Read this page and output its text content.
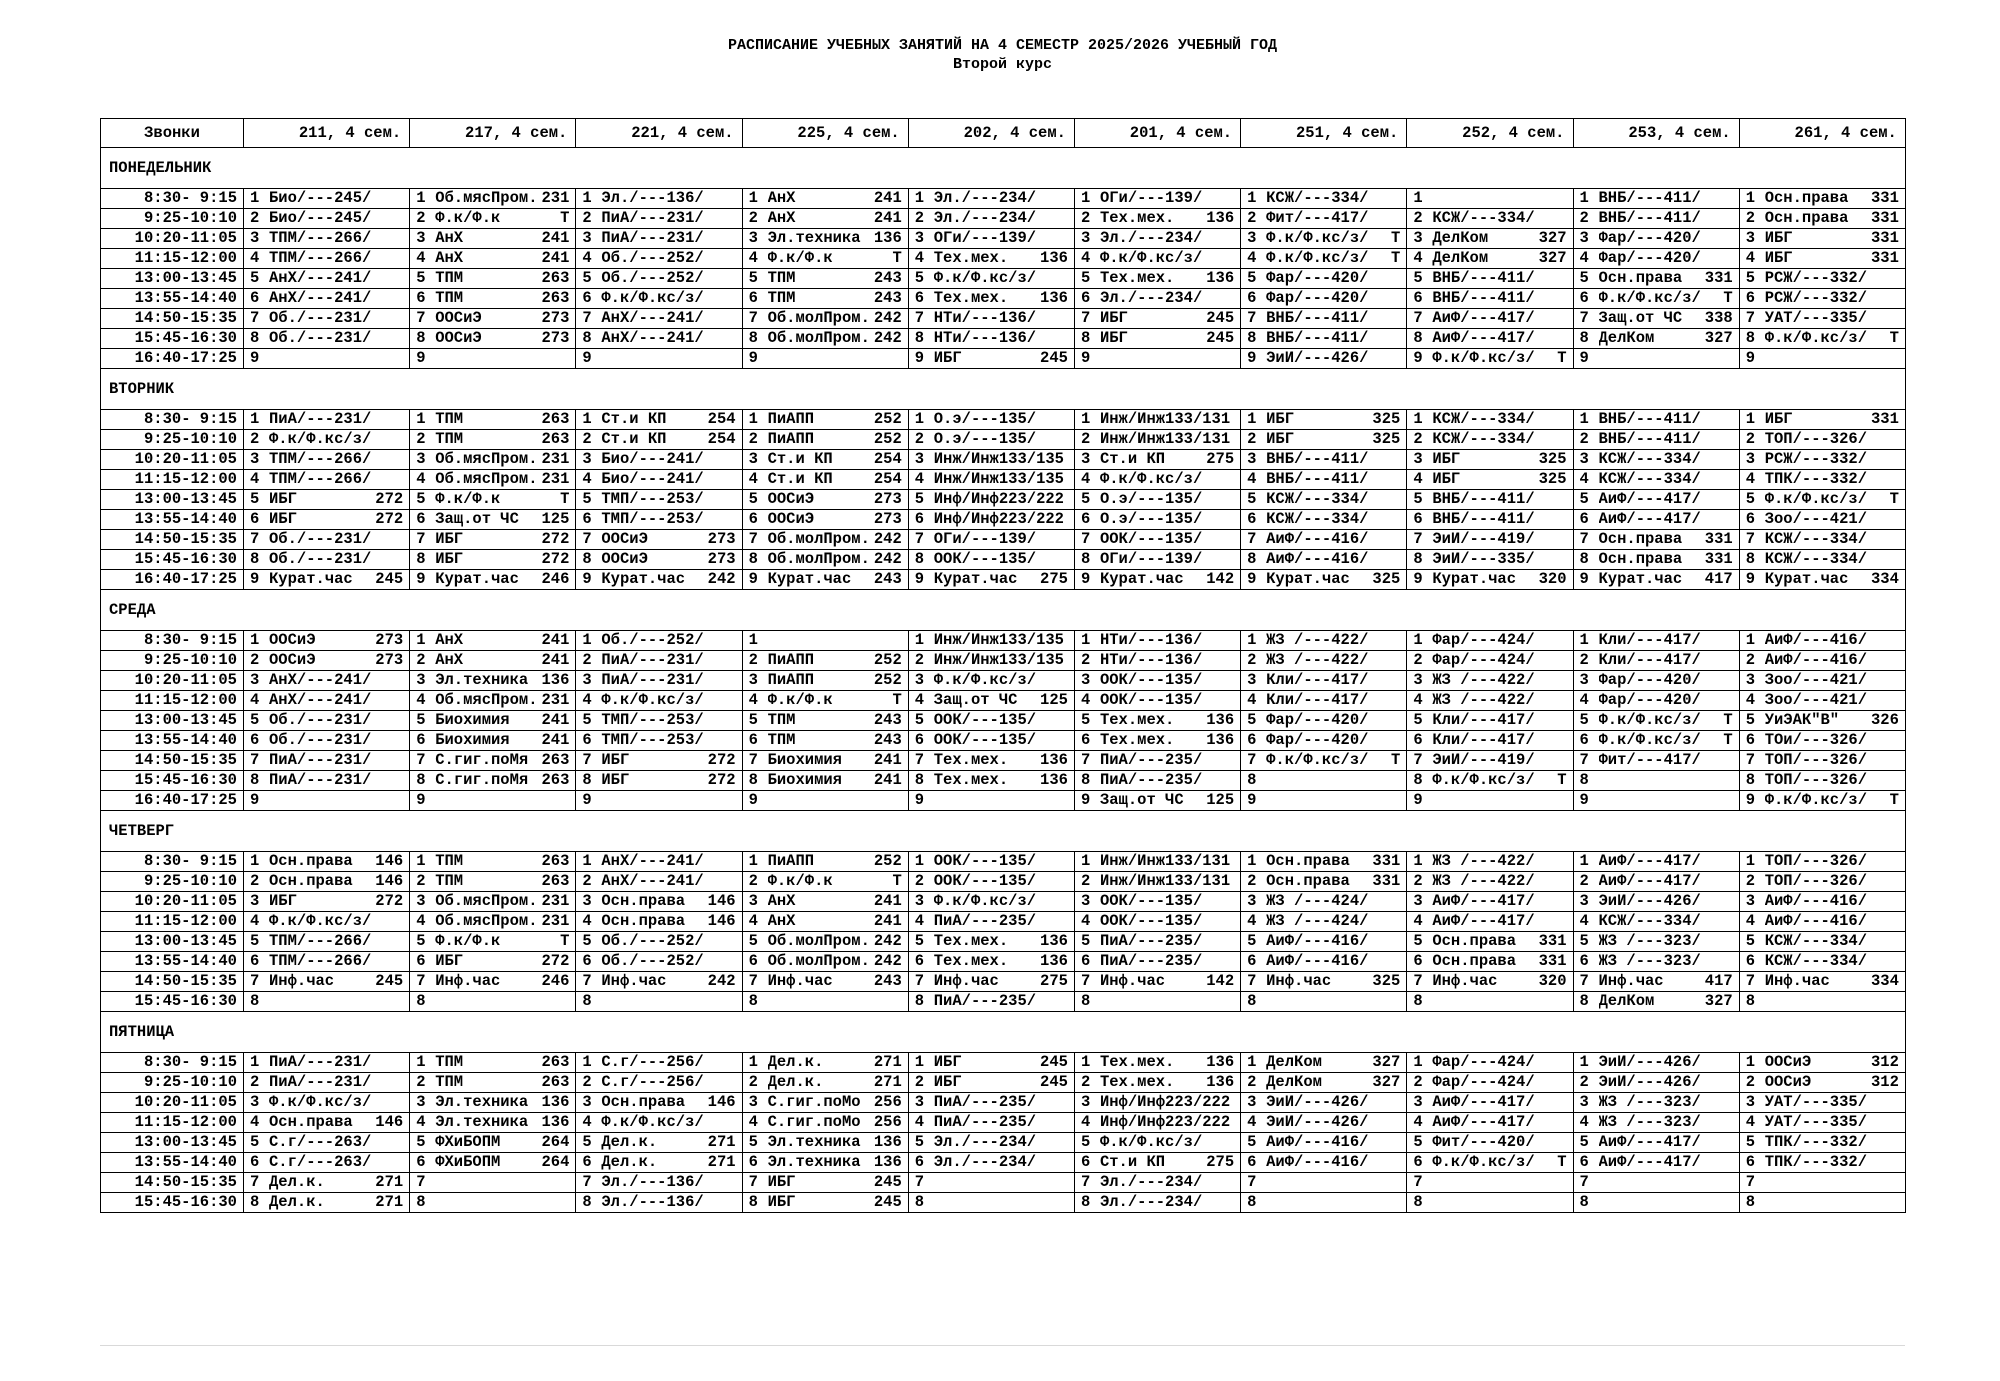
РАСПИСАНИЕ УЧЕБНЫХ ЗАНЯТИЙ НА 4 СЕМЕСТР 2025/2026 УЧЕБНЫЙ ГОД
Второй курс
Звонки	211, 4 сем.	217, 4 сем.	221, 4 сем.	225, 4 сем.	202, 4 сем.	201, 4 сем.	251, 4 сем.	252, 4 сем.	253, 4 сем.	261, 4 сем.
ПОНЕДЕЛЬНИК										
8:30- 9:15	1 Био/---245/	1 Об.мясПром. 231	1 Эл./---136/	1 АнХ 241	1 Эл./---234/	1 ОГи/---139/	1 КСЖ/---334/	1	1 ВНБ/---411/	1 Осн.права 331

9:25-10:10	2 Био/---245/	2 Ф.к/Ф.к Т	2 ПиА/---231/	2 АнХ 241	2 Эл./---234/	2 Тех.мех. 136	2 Фит/---417/	2 КСЖ/---334/	2 ВНБ/---411/	2 Осн.права 331

10:20-11:05	3 ТПМ/---266/	3 АнХ 241	3 ПиА/---231/	3 Эл.техника 136	3 ОГи/---139/	3 Эл./---234/	3 Ф.к/Ф.кс/з/ Т	3 ДелКом 327	3 Фар/---420/	3 ИБГ 331

11:15-12:00	4 ТПМ/---266/	4 АнХ 241	4 Об./---252/	4 Ф.к/Ф.к Т	4 Тех.мех. 136	4 Ф.к/Ф.кс/з/	4 Ф.к/Ф.кс/з/ Т	4 ДелКом 327	4 Фар/---420/	4 ИБГ 331

13:00-13:45	5 АнХ/---241/	5 ТПМ 263	5 Об./---252/	5 ТПМ 243	5 Ф.к/Ф.кс/з/	5 Тех.мех. 136	5 Фар/---420/	5 ВНБ/---411/	5 Осн.права 331	5 РСЖ/---332/

13:55-14:40	6 АнХ/---241/	6 ТПМ 263	6 Ф.к/Ф.кс/з/	6 ТПМ 243	6 Тех.мех. 136	6 Эл./---234/	6 Фар/---420/	6 ВНБ/---411/	6 Ф.к/Ф.кс/з/ Т	6 РСЖ/---332/

14:50-15:35	7 Об./---231/	7 ООСиЭ 273	7 АнХ/---241/	7 Об.молПром. 242	7 НТи/---136/	7 ИБГ 245	7 ВНБ/---411/	7 АиФ/---417/	7 Защ.от ЧС 338	7 УАТ/---335/

15:45-16:30	8 Об./---231/	8 ООСиЭ 273	8 АнХ/---241/	8 Об.молПром. 242	8 НТи/---136/	8 ИБГ 245	8 ВНБ/---411/	8 АиФ/---417/	8 ДелКом 327	8 Ф.к/Ф.кс/з/ Т

16:40-17:25	9	9	9	9	9 ИБГ 245	9	9 ЭиИ/---426/	9 Ф.к/Ф.кс/з/ Т	9	9

ВТОРНИК										
8:30- 9:15	1 ПиА/---231/	1 ТПМ 263	1 Ст.и КП 254	1 ПиАПП 252	1 О.э/---135/	1 Инж/Инж133/131	1 ИБГ 325	1 КСЖ/---334/	1 ВНБ/---411/	1 ИБГ 331

9:25-10:10	2 Ф.к/Ф.кс/з/	2 ТПМ 263	2 Ст.и КП 254	2 ПиАПП 252	2 О.э/---135/	2 Инж/Инж133/131	2 ИБГ 325	2 КСЖ/---334/	2 ВНБ/---411/	2 ТОП/---326/

10:20-11:05	3 ТПМ/---266/	3 Об.мясПром. 231	3 Био/---241/	3 Ст.и КП 254	3 Инж/Инж133/135	3 Ст.и КП 275	3 ВНБ/---411/	3 ИБГ 325	3 КСЖ/---334/	3 РСЖ/---332/

11:15-12:00	4 ТПМ/---266/	4 Об.мясПром. 231	4 Био/---241/	4 Ст.и КП 254	4 Инж/Инж133/135	4 Ф.к/Ф.кс/з/	4 ВНБ/---411/	4 ИБГ 325	4 КСЖ/---334/	4 ТПК/---332/

13:00-13:45	5 ИБГ 272	5 Ф.к/Ф.к Т	5 ТМП/---253/	5 ООСиЭ 273	5 Инф/Инф223/222	5 О.э/---135/	5 КСЖ/---334/	5 ВНБ/---411/	5 АиФ/---417/	5 Ф.к/Ф.кс/з/ Т

13:55-14:40	6 ИБГ 272	6 Защ.от ЧС 125	6 ТМП/---253/	6 ООСиЭ 273	6 Инф/Инф223/222	6 О.э/---135/	6 КСЖ/---334/	6 ВНБ/---411/	6 АиФ/---417/	6 Зоо/---421/

14:50-15:35	7 Об./---231/	7 ИБГ 272	7 ООСиЭ 273	7 Об.молПром. 242	7 ОГи/---139/	7 ООК/---135/	7 АиФ/---416/	7 ЭиИ/---419/	7 Осн.права 331	7 КСЖ/---334/

15:45-16:30	8 Об./---231/	8 ИБГ 272	8 ООСиЭ 273	8 Об.молПром. 242	8 ООК/---135/	8 ОГи/---139/	8 АиФ/---416/	8 ЭиИ/---335/	8 Осн.права 331	8 КСЖ/---334/

16:40-17:25	9 Курат.час 245	9 Курат.час 246	9 Курат.час 242	9 Курат.час 243	9 Курат.час 275	9 Курат.час 142	9 Курат.час 325	9 Курат.час 320	9 Курат.час 417	9 Курат.час 334

СРЕДА										
8:30- 9:15	1 ООСиЭ 273	1 АнХ 241	1 Об./---252/	1	1 Инж/Инж133/135	1 НТи/---136/	1 ЖЗ /---422/	1 Фар/---424/	1 Кли/---417/	1 АиФ/---416/

9:25-10:10	2 ООСиЭ 273	2 АнХ 241	2 ПиА/---231/	2 ПиАПП 252	2 Инж/Инж133/135	2 НТи/---136/	2 ЖЗ /---422/	2 Фар/---424/	2 Кли/---417/	2 АиФ/---416/

10:20-11:05	3 АнХ/---241/	3 Эл.техника 136	3 ПиА/---231/	3 ПиАПП 252	3 Ф.к/Ф.кс/з/	3 ООК/---135/	3 Кли/---417/	3 ЖЗ /---422/	3 Фар/---420/	3 Зоо/---421/

11:15-12:00	4 АнХ/---241/	4 Об.мясПром. 231	4 Ф.к/Ф.кс/з/	4 Ф.к/Ф.к Т	4 Защ.от ЧС 125	4 ООК/---135/	4 Кли/---417/	4 ЖЗ /---422/	4 Фар/---420/	4 Зоо/---421/

13:00-13:45	5 Об./---231/	5 Биохимия 241	5 ТМП/---253/	5 ТПМ 243	5 ООК/---135/	5 Тех.мех. 136	5 Фар/---420/	5 Кли/---417/	5 Ф.к/Ф.кс/з/ Т	5 УиЭАК"В" 326

13:55-14:40	6 Об./---231/	6 Биохимия 241	6 ТМП/---253/	6 ТПМ 243	6 ООК/---135/	6 Тех.мех. 136	6 Фар/---420/	6 Кли/---417/	6 Ф.к/Ф.кс/з/ Т	6 ТОи/---326/

14:50-15:35	7 ПиА/---231/	7 С.гиг.поМя 263	7 ИБГ 272	7 Биохимия 241	7 Тех.мех. 136	7 ПиА/---235/	7 Ф.к/Ф.кс/з/ Т	7 ЭиИ/---419/	7 Фит/---417/	7 ТОП/---326/

15:45-16:30	8 ПиА/---231/	8 С.гиг.поМя 263	8 ИБГ 272	8 Биохимия 241	8 Тех.мех. 136	8 ПиА/---235/	8	8 Ф.к/Ф.кс/з/ Т	8	8 ТОП/---326/

16:40-17:25	9	9	9	9	9	9 Защ.от ЧС 125	9	9	9	9 Ф.к/Ф.кс/з/ Т

ЧЕТВЕРГ										
8:30- 9:15	1 Осн.права 146	1 ТПМ 263	1 АнХ/---241/	1 ПиАПП 252	1 ООК/---135/	1 Инж/Инж133/131	1 Осн.права 331	1 ЖЗ /---422/	1 АиФ/---417/	1 ТОП/---326/

9:25-10:10	2 Осн.права 146	2 ТПМ 263	2 АнХ/---241/	2 Ф.к/Ф.к Т	2 ООК/---135/	2 Инж/Инж133/131	2 Осн.права 331	2 ЖЗ /---422/	2 АиФ/---417/	2 ТОП/---326/

10:20-11:05	3 ИБГ 272	3 Об.мясПром. 231	3 Осн.права 146	3 АнХ 241	3 Ф.к/Ф.кс/з/	3 ООК/---135/	3 ЖЗ /---424/	3 АиФ/---417/	3 ЭиИ/---426/	3 АиФ/---416/

11:15-12:00	4 Ф.к/Ф.кс/з/	4 Об.мясПром. 231	4 Осн.права 146	4 АнХ 241	4 ПиА/---235/	4 ООК/---135/	4 ЖЗ /---424/	4 АиФ/---417/	4 КСЖ/---334/	4 АиФ/---416/

13:00-13:45	5 ТПМ/---266/	5 Ф.к/Ф.к Т	5 Об./---252/	5 Об.молПром. 242	5 Тех.мех. 136	5 ПиА/---235/	5 АиФ/---416/	5 Осн.права 331	5 ЖЗ /---323/	5 КСЖ/---334/

13:55-14:40	6 ТПМ/---266/	6 ИБГ 272	6 Об./---252/	6 Об.молПром. 242	6 Тех.мех. 136	6 ПиА/---235/	6 АиФ/---416/	6 Осн.права 331	6 ЖЗ /---323/	6 КСЖ/---334/

14:50-15:35	7 Инф.час 245	7 Инф.час 246	7 Инф.час 242	7 Инф.час 243	7 Инф.час 275	7 Инф.час 142	7 Инф.час 325	7 Инф.час 320	7 Инф.час 417	7 Инф.час 334

15:45-16:30	8	8	8	8	8 ПиА/---235/	8	8	8	8 ДелКом 327	8

ПЯТНИЦА										
8:30- 9:15	1 ПиА/---231/	1 ТПМ 263	1 С.г/---256/	1 Дел.к. 271	1 ИБГ 245	1 Тех.мех. 136	1 ДелКом 327	1 Фар/---424/	1 ЭиИ/---426/	1 ООСиЭ 312

9:25-10:10	2 ПиА/---231/	2 ТПМ 263	2 С.г/---256/	2 Дел.к. 271	2 ИБГ 245	2 Тех.мех. 136	2 ДелКом 327	2 Фар/---424/	2 ЭиИ/---426/	2 ООСиЭ 312

10:20-11:05	3 Ф.к/Ф.кс/з/	3 Эл.техника 136	3 Осн.права 146	3 С.гиг.поМо 256	3 ПиА/---235/	3 Инф/Инф223/222	3 ЭиИ/---426/	3 АиФ/---417/	3 ЖЗ /---323/	3 УАТ/---335/

11:15-12:00	4 Осн.права 146	4 Эл.техника 136	4 Ф.к/Ф.кс/з/	4 С.гиг.поМо 256	4 ПиА/---235/	4 Инф/Инф223/222	4 ЭиИ/---426/	4 АиФ/---417/	4 ЖЗ /---323/	4 УАТ/---335/

13:00-13:45	5 С.г/---263/	5 ФХиБОПМ 264	5 Дел.к. 271	5 Эл.техника 136	5 Эл./---234/	5 Ф.к/Ф.кс/з/	5 АиФ/---416/	5 Фит/---420/	5 АиФ/---417/	5 ТПК/---332/

13:55-14:40	6 С.г/---263/	6 ФХиБОПМ 264	6 Дел.к. 271	6 Эл.техника 136	6 Эл./---234/	6 Ст.и КП 275	6 АиФ/---416/	6 Ф.к/Ф.кс/з/ Т	6 АиФ/---417/	6 ТПК/---332/

14:50-15:35	7 Дел.к. 271	7	7 Эл./---136/	7 ИБГ 245	7	7 Эл./---234/	7	7	7	7

15:45-16:30	8 Дел.к. 271	8	8 Эл./---136/	8 ИБГ 245	8	8 Эл./---234/	8	8	8	8
